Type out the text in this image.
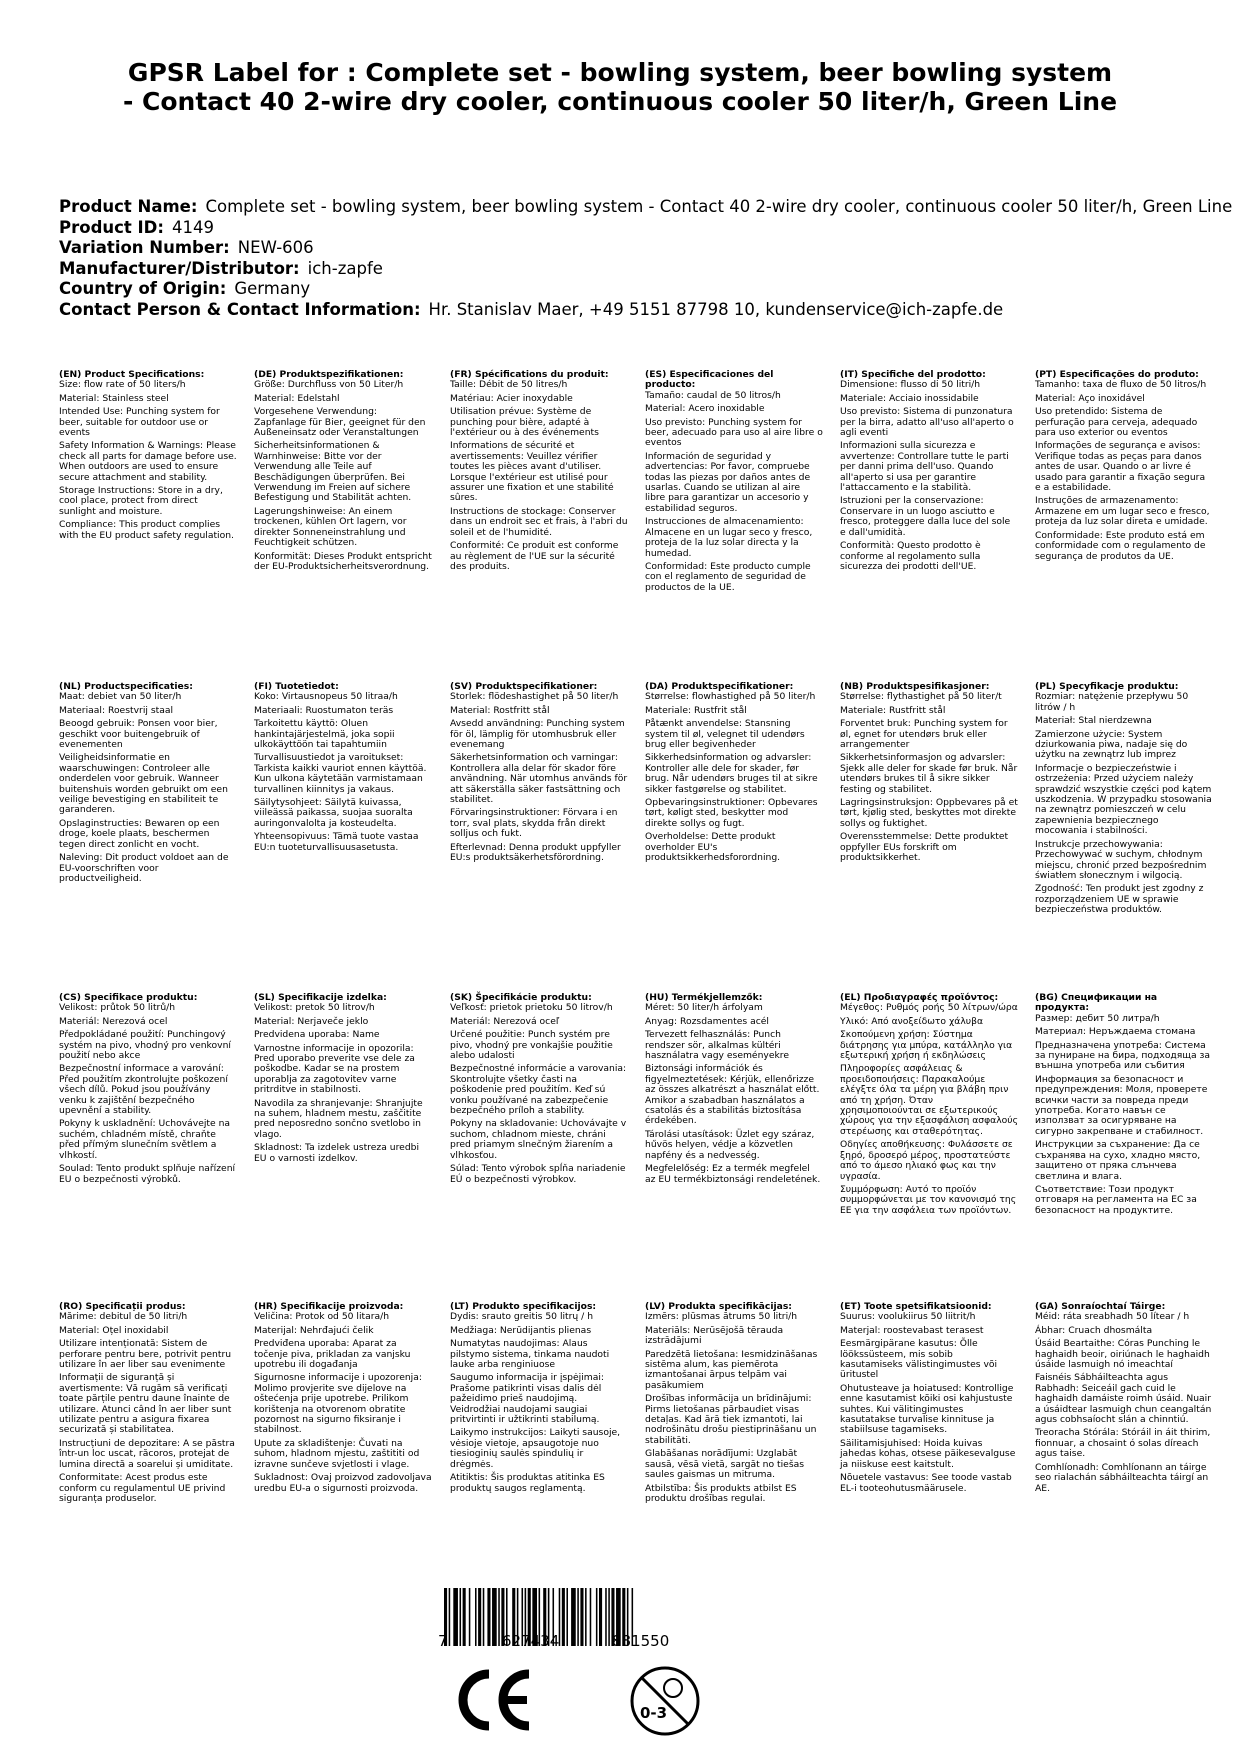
GPSR Label for : Complete set - bowling system, beer bowling system - Contact 40 2-wire dry cooler, continuous cooler 50 liter/h, Green Line
Product Name: Complete set - bowling system, beer bowling system - Contact 40 2-wire dry cooler, continuous cooler 50 liter/h, Green Line
Product ID: 4149
Variation Number: NEW-606
Manufacturer/Distributor: ich-zapfe
Country of Origin: Germany
Contact Person & Contact Information: Hr. Stanislav Maer, +49 5151 87798 10, kundenservice@ich-zapfe.de
(EN) Product Specifications:

Size: flow rate of 50 liters/h

Material: Stainless steel

Intended Use: Punching system for beer, suitable for outdoor use or events

Safety Information & Warnings: Please check all parts for damage before use. When outdoors are used to ensure secure attachment and stability.

Storage Instructions: Store in a dry, cool place, protect from direct sunlight and moisture.

Compliance: This product complies with the EU product safety regulation.

(DE) Produktspezifikationen:

Größe: Durchfluss von 50 Liter/h

Material: Edelstahl

Vorgesehene Verwendung: Zapfanlage für Bier, geeignet für den Außeneinsatz oder Veranstaltungen

Sicherheitsinformationen & Warnhinweise: Bitte vor der Verwendung alle Teile auf Beschädigungen überprüfen. Bei Verwendung im Freien auf sichere Befestigung und Stabilität achten.

Lagerungshinweise: An einem trockenen, kühlen Ort lagern, vor direkter Sonneneinstrahlung und Feuchtigkeit schützen.

Konformität: Dieses Produkt entspricht der EU-Produktsicherheitsverordnung.

(FR) Spécifications du produit:

Taille: Débit de 50 litres/h

Matériau: Acier inoxydable

Utilisation prévue: Système de punching pour bière, adapté à l'extérieur ou à des événements

Informations de sécurité et avertissements: Veuillez vérifier toutes les pièces avant d'utiliser. Lorsque l'extérieur est utilisé pour assurer une fixation et une stabilité sûres.

Instructions de stockage: Conserver dans un endroit sec et frais, à l'abri du soleil et de l'humidité.

Conformité: Ce produit est conforme au règlement de l'UE sur la sécurité des produits.

(ES) Especificaciones del producto:

Tamaño: caudal de 50 litros/h

Material: Acero inoxidable

Uso previsto: Punching system for beer, adecuado para uso al aire libre o eventos

Información de seguridad y advertencias: Por favor, compruebe todas las piezas por daños antes de usarlas. Cuando se utilizan al aire libre para garantizar un accesorio y estabilidad seguros.

Instrucciones de almacenamiento: Almacene en un lugar seco y fresco, proteja de la luz solar directa y la humedad.

Conformidad: Este producto cumple con el reglamento de seguridad de productos de la UE.

(IT) Specifiche del prodotto:

Dimensione: flusso di 50 litri/h

Materiale: Acciaio inossidabile

Uso previsto: Sistema di punzonatura per la birra, adatto all'uso all'aperto o agli eventi

Informazioni sulla sicurezza e avvertenze: Controllare tutte le parti per danni prima dell'uso. Quando all'aperto si usa per garantire l'attaccamento e la stabilità.

Istruzioni per la conservazione: Conservare in un luogo asciutto e fresco, proteggere dalla luce del sole e dall'umidità.

Conformità: Questo prodotto è conforme al regolamento sulla sicurezza dei prodotti dell'UE.

(PT) Especificações do produto:

Tamanho: taxa de fluxo de 50 litros/h

Material: Aço inoxidável

Uso pretendido: Sistema de perfuração para cerveja, adequado para uso exterior ou eventos

Informações de segurança e avisos: Verifique todas as peças para danos antes de usar. Quando o ar livre é usado para garantir a fixação segura e a estabilidade.

Instruções de armazenamento: Armazene em um lugar seco e fresco, proteja da luz solar direta e umidade.

Conformidade: Este produto está em conformidade com o regulamento de segurança de produtos da UE.

(NL) Productspecificaties:

Maat: debiet van 50 liter/h

Materiaal: Roestvrij staal

Beoogd gebruik: Ponsen voor bier, geschikt voor buitengebruik of evenementen

Veiligheidsinformatie en waarschuwingen: Controleer alle onderdelen voor gebruik. Wanneer buitenshuis worden gebruikt om een veilige bevestiging en stabiliteit te garanderen.

Opslaginstructies: Bewaren op een droge, koele plaats, beschermen tegen direct zonlicht en vocht.

Naleving: Dit product voldoet aan de EU-voorschriften voor productveiligheid.

(FI) Tuotetiedot:

Koko: Virtausnopeus 50 litraa/h

Materiaali: Ruostumaton teräs

Tarkoitettu käyttö: Oluen hankintajärjestelmä, joka sopii ulkokäyttöön tai tapahtumiin

Turvallisuustiedot ja varoitukset: Tarkista kaikki vauriot ennen käyttöä. Kun ulkona käytetään varmistamaan turvallinen kiinnitys ja vakaus.

Säilytysohjeet: Säilytä kuivassa, viileässä paikassa, suojaa suoralta auringonvalolta ja kosteudelta.

Yhteensopivuus: Tämä tuote vastaa EU:n tuoteturvallisuusasetusta.

(SV) Produktspecifikationer:

Storlek: flödeshastighet på 50 liter/h

Material: Rostfritt stål

Avsedd användning: Punching system för öl, lämplig för utomhusbruk eller evenemang

Säkerhetsinformation och varningar: Kontrollera alla delar för skador före användning. När utomhus används för att säkerställa säker fastsättning och stabilitet.

Förvaringsinstruktioner: Förvara i en torr, sval plats, skydda från direkt solljus och fukt.

Efterlevnad: Denna produkt uppfyller EU:s produktsäkerhetsförordning.

(DA) Produktspecifikationer:

Størrelse: flowhastighed på 50 liter/h

Materiale: Rustfrit stål

Påtænkt anvendelse: Stansning system til øl, velegnet til udendørs brug eller begivenheder

Sikkerhedsinformation og advarsler: Kontroller alle dele for skader, før brug. Når udendørs bruges til at sikre sikker fastgørelse og stabilitet.

Opbevaringsinstruktioner: Opbevares tørt, køligt sted, beskytter mod direkte sollys og fugt.

Overholdelse: Dette produkt overholder EU's produktsikkerhedsforordning.

(NB) Produktspesifikasjoner:

Størrelse: flythastighet på 50 liter/t

Materiale: Rustfritt stål

Forventet bruk: Punching system for øl, egnet for utendørs bruk eller arrangementer

Sikkerhetsinformasjon og advarsler: Sjekk alle deler for skade før bruk. Når utendørs brukes til å sikre sikker festing og stabilitet.

Lagringsinstruksjon: Oppbevares på et tørt, kjølig sted, beskyttes mot direkte sollys og fuktighet.

Overensstemmelse: Dette produktet oppfyller EUs forskrift om produktsikkerhet.

(PL) Specyfikacje produktu:

Rozmiar: natężenie przepływu 50 litrów / h

Materiał: Stal nierdzewna

Zamierzone użycie: System dziurkowania piwa, nadaje się do użytku na zewnątrz lub imprez

Informacje o bezpieczeństwie i ostrzeżenia: Przed użyciem należy sprawdzić wszystkie części pod kątem uszkodzenia. W przypadku stosowania na zewnątrz pomieszczeń w celu zapewnienia bezpiecznego mocowania i stabilności.

Instrukcje przechowywania: Przechowywać w suchym, chłodnym miejscu, chronić przed bezpośrednim światłem słonecznym i wilgocią.

Zgodność: Ten produkt jest zgodny z rozporządzeniem UE w sprawie bezpieczeństwa produktów.

(CS) Specifikace produktu:

Velikost: průtok 50 litrů/h

Materiál: Nerezová ocel

Předpokládané použití: Punchingový systém na pivo, vhodný pro venkovní použití nebo akce

Bezpečnostní informace a varování: Před použitím zkontrolujte poškození všech dílů. Pokud jsou používány venku k zajištění bezpečného upevnění a stability.

Pokyny k uskladnění: Uchovávejte na suchém, chladném místě, chraňte před přímým slunečním světlem a vlhkostí.

Soulad: Tento produkt splňuje nařízení EU o bezpečnosti výrobků.

(SL) Specifikacije izdelka:

Velikost: pretok 50 litrov/h

Material: Nerjaveče jeklo

Predvidena uporaba: Name

Varnostne informacije in opozorila: Pred uporabo preverite vse dele za poškodbe. Kadar se na prostem uporablja za zagotovitev varne pritrditve in stabilnosti.

Navodila za shranjevanje: Shranjujte na suhem, hladnem mestu, zaščitite pred neposredno sončno svetlobo in vlago.

Skladnost: Ta izdelek ustreza uredbi EU o varnosti izdelkov.

(SK) Špecifikácie produktu:

Veľkosť: prietok prietoku 50 litrov/h

Materiál: Nerezová oceľ

Určené použitie: Punch systém pre pivo, vhodný pre vonkajšie použitie alebo udalosti

Bezpečnostné informácie a varovania: Skontrolujte všetky časti na poškodenie pred použitím. Keď sú vonku používané na zabezpečenie bezpečného príloh a stability.

Pokyny na skladovanie: Uchovávajte v suchom, chladnom mieste, chráni pred priamym slnečným žiarením a vlhkosťou.

Súlad: Tento výrobok spĺňa nariadenie EÚ o bezpečnosti výrobkov.

(HU) Termékjellemzők:

Méret: 50 liter/h árfolyam

Anyag: Rozsdamentes acél

Tervezett felhasználás: Punch rendszer sör, alkalmas kültéri használatra vagy eseményekre

Biztonsági információk és figyelmeztetések: Kérjük, ellenőrizze az összes alkatrészt a használat előtt. Amikor a szabadban használatos a csatolás és a stabilitás biztosítása érdekében.

Tárolási utasítások: Üzlet egy száraz, hűvös helyen, védje a közvetlen napfény és a nedvesség.

Megfelelőség: Ez a termék megfelel az EU termékbiztonsági rendeletének.

(EL) Προδιαγραφές προϊόντος:

Μέγεθος: Ρυθμός ροής 50 λίτρων/ώρα

Υλικό: Από ανοξείδωτο χάλυβα

Σκοπούμενη χρήση: Σύστημα διάτρησης για μπύρα, κατάλληλο για εξωτερική χρήση ή εκδηλώσεις

Πληροφορίες ασφάλειας & προειδοποιήσεις: Παρακαλούμε ελέγξτε όλα τα μέρη για βλάβη πριν από τη χρήση. Όταν χρησιμοποιούνται σε εξωτερικούς χώρους για την εξασφάλιση ασφαλούς στερέωσης και σταθερότητας.

Οδηγίες αποθήκευσης: Φυλάσσετε σε ξηρό, δροσερό μέρος, προστατεύστε από το άμεσο ηλιακό φως και την υγρασία.

Συμμόρφωση: Αυτό το προϊόν συμμορφώνεται με τον κανονισμό της ΕΕ για την ασφάλεια των προϊόντων.

(BG) Спецификации на продукта:

Размер: дебит 50 литра/h

Материал: Неръждаема стомана

Предназначена употреба: Система за пуниране на бира, подходяща за външна употреба или събития

Информация за безопасност и предупреждения: Моля, проверете всички части за повреда преди употреба. Когато навън се използват за осигуряване на сигурно закрепване и стабилност.

Инструкции за съхранение: Да се съхранява на сухо, хладно място, защитено от пряка слънчева светлина и влага.

Съответствие: Този продукт отговаря на регламента на ЕС за безопасност на продуктите.

(RO) Specificații produs:

Mărime: debitul de 50 litri/h

Material: Oțel inoxidabil

Utilizare intenționată: Sistem de perforare pentru bere, potrivit pentru utilizare în aer liber sau evenimente

Informații de siguranță și avertismente: Vă rugăm să verificați toate părțile pentru daune înainte de utilizare. Atunci când în aer liber sunt utilizate pentru a asigura fixarea securizată și stabilitatea.

Instrucțiuni de depozitare: A se păstra într-un loc uscat, răcoros, protejat de lumina directă a soarelui și umiditate.

Conformitate: Acest produs este conform cu regulamentul UE privind siguranța produselor.

(HR) Specifikacije proizvoda:

Veličina: Protok od 50 litara/h

Materijal: Nehrđajući čelik

Predviđena uporaba: Aparat za točenje piva, prikladan za vanjsku upotrebu ili događanja

Sigurnosne informacije i upozorenja: Molimo provjerite sve dijelove na oštećenja prije upotrebe. Prilikom korištenja na otvorenom obratite pozornost na sigurno fiksiranje i stabilnost.

Upute za skladištenje: Čuvati na suhom, hladnom mjestu, zaštititi od izravne sunčeve svjetlosti i vlage.

Sukladnost: Ovaj proizvod zadovoljava uredbu EU-a o sigurnosti proizvoda.

(LT) Produkto specifikacijos:

Dydis: srauto greitis 50 litrų / h

Medžiaga: Nerūdijantis plienas

Numatytas naudojimas: Alaus pilstymo sistema, tinkama naudoti lauke arba renginiuose

Saugumo informacija ir įspėjimai: Prašome patikrinti visas dalis dėl pažeidimo prieš naudojimą. Veidrodžiai naudojami saugiai pritvirtinti ir užtikrinti stabilumą.

Laikymo instrukcijos: Laikyti sausoje, vėsioje vietoje, apsaugotoje nuo tiesioginių saulės spindulių ir drėgmės.

Atitiktis: Šis produktas atitinka ES produktų saugos reglamentą.

(LV) Produkta specifikācijas:

Izmērs: plūsmas ātrums 50 litri/h

Materiāls: Nerūsējošā tērauda izstrādājumi

Paredzētā lietošana: Iesmidzināšanas sistēma alum, kas piemērota izmantošanai ārpus telpām vai pasākumiem

Drošības informācija un brīdinājumi: Pirms lietošanas pārbaudiet visas detaļas. Kad ārā tiek izmantoti, lai nodrošinātu drošu piestiprināšanu un stabilitāti.

Glabāšanas norādījumi: Uzglabāt sausā, vēsā vietā, sargāt no tiešas saules gaismas un mitruma.

Atbilstība: Šis produkts atbilst ES produktu drošības regulai.

(ET) Toote spetsifikatsioonid:

Suurus: voolukiirus 50 liitrit/h

Materjal: roostevabast terasest

Eesmärgipärane kasutus: Õlle löökssüsteem, mis sobib kasutamiseks välistingimustes või üritustel

Ohutusteave ja hoiatused: Kontrollige enne kasutamist kõiki osi kahjustuste suhtes. Kui välitingimustes kasutatakse turvalise kinnituse ja stabiilsuse tagamiseks.

Säilitamisjuhised: Hoida kuivas jahedas kohas, otsese päikesevalguse ja niiskuse eest kaitstult.

Nõuetele vastavus: See toode vastab EL-i tooteohutusmäärusele.

(GA) Sonraíochtaí Táirge:

Méid: ráta sreabhadh 50 lítear / h

Ábhar: Cruach dhosmálta

Úsáid Beartaithe: Córas Punching le haghaidh beoir, oiriúnach le haghaidh úsáide lasmuigh nó imeachtaí

Faisnéis Sábháilteachta agus Rabhadh: Seiceáil gach cuid le haghaidh damáiste roimh úsáid. Nuair a úsáidtear lasmuigh chun ceangaltán agus cobhsaíocht slán a chinntiú.

Treoracha Stórála: Stóráil in áit thirim, fionnuar, a chosaint ó solas díreach agus taise.

Comhlíonadh: Comhlíonann an táirge seo rialachán sábháilteachta táirgí an AE.

7	627434	881550
0-3
